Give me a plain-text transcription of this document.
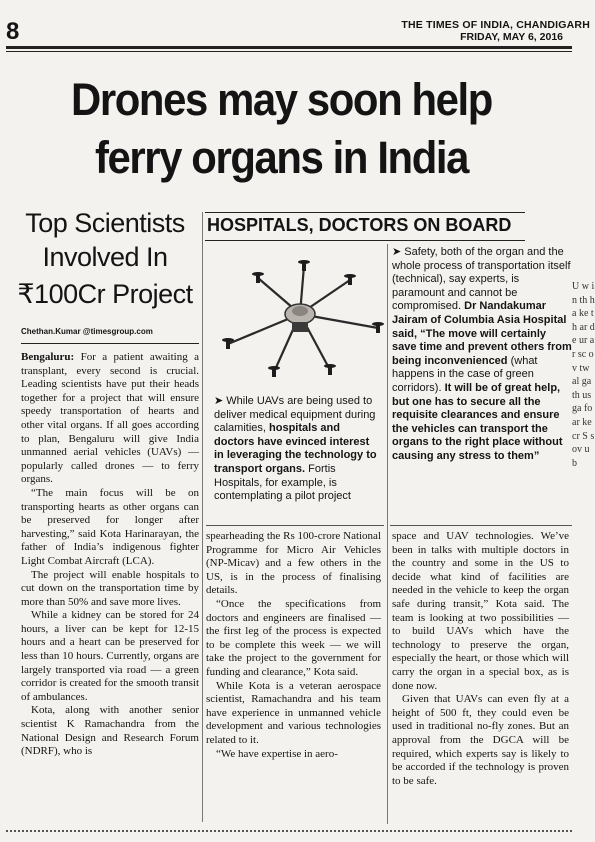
8	THE TIMES OF INDIA, CHANDIGARH
FRIDAY, MAY 6, 2016
Drones may soon help
ferry organs in India
Top Scientists
Involved In
₹100Cr Project
Chethan.Kumar @timesgroup.com
HOSPITALS, DOCTORS ON BOARD
➤ While UAVs are being used to deliver medical equipment during calamities, hospitals and doctors have evinced interest in leveraging the technology to transport organs. Fortis Hospitals, for example, is contemplating a pilot project
➤ Safety, both of the organ and the whole process of transportation itself (technical), say experts, is paramount and cannot be compromised. Dr Nandakumar Jairam of Columbia Asia Hospital said, “The move will certainly save time and prevent others from being inconvenienced (what happens in the case of green corridors). It will be of great help, but one has to secure all the requisite clearances and ensure the vehicles can transport the organs to the right place without causing any stress to them”

Bengaluru: For a patient awaiting a transplant, every second is crucial. Leading scientists have put their heads together for a project that will ensure speedy transportation of hearts and other vital organs. If all goes according to plan, Bengaluru will give India unmanned aerial vehicles (UAVs) — popularly called drones — to ferry organs.

“The main focus will be on transporting hearts as other organs can be preserved for longer after harvesting,” said Kota Harinarayan, the father of India’s indigenous fighter Light Combat Aircraft (LCA).

The project will enable hospitals to cut down on the transportation time by more than 50% and save more lives.

While a kidney can be stored for 24 hours, a liver can be kept for 12-15 hours and a heart can be preserved for less than 10 hours. Currently, organs are largely transported via road — a green corridor is created for the smooth transit of ambulances.

Kota, along with another senior scientist K Ramachandra from the National Design and Research Forum (NDRF), who is

spearheading the Rs 100-crore National Programme for Micro Air Vehicles (NP-Micav) and a few others in the US, is in the process of finalising details.

“Once the specifications from doctors and engineers are finalised — the first leg of the process is expected to be complete this week — we will take the project to the government for funding and clearance,” Kota said.

While Kota is a veteran aerospace scientist, Ramachandra and his team have experience in unmanned vehicle development and various technologies related to it.

“We have expertise in aero-

space and UAV technologies. We’ve been in talks with multiple doctors in the country and some in the US to decide what kind of facilities are needed in the vehicle to keep the organ safe during transit,” Kota said. The team is looking at two possibilities — to build UAVs which have the technology to preserve the organ, especially the heart, or those which will carry the organ in a special box, as is done now.

Given that UAVs can even fly at a height of 500 ft, they could even be used in traditional no-fly zones. But an approval from the DGCA will be required, which experts say is likely to be accorded if the technology is proven to be safe.

U w in th ha ke th ar de ur ar sc ov tw al ga th us ga fo ar ke cr S s ov u b
